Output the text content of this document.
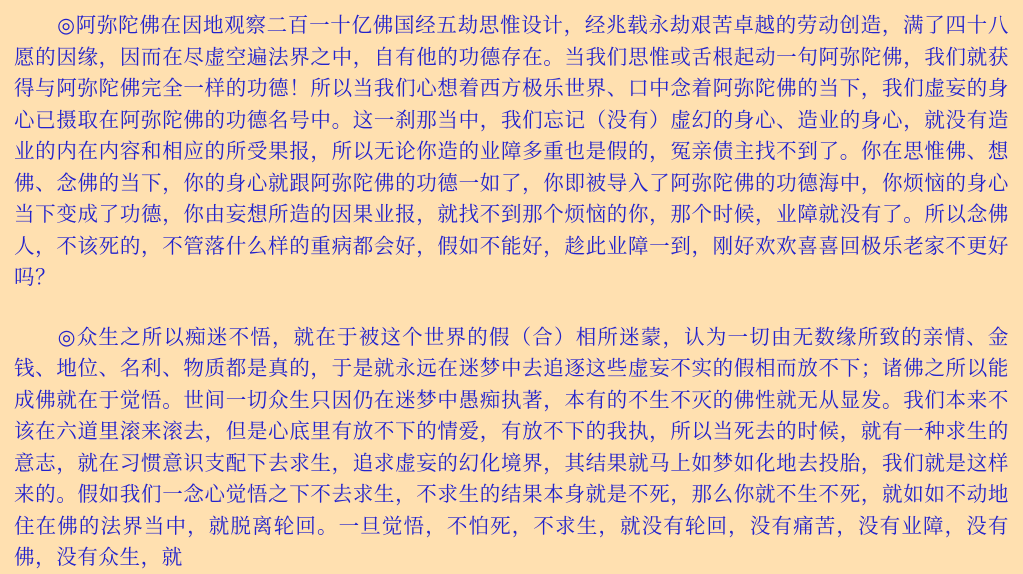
◎阿弥陀佛在因地观察二百一十亿佛国经五劫思惟设计，经兆载永劫艰苦卓越的劳动创造，满了四十八愿的因缘，因而在尽虚空遍法界之中，自有他的功德存在。当我们思惟或舌根起动一句阿弥陀佛，我们就获得与阿弥陀佛完全一样的功德！所以当我们心想着西方极乐世界、口中念着阿弥陀佛的当下，我们虚妄的身心已摄取在阿弥陀佛的功德名号中。这一刹那当中，我们忘记（没有）虚幻的身心、造业的身心，就没有造业的内在内容和相应的所受果报，所以无论你造的业障多重也是假的，冤亲债主找不到了。你在思惟佛、想佛、念佛的当下，你的身心就跟阿弥陀佛的功德一如了，你即被导入了阿弥陀佛的功德海中，你烦恼的身心当下变成了功德，你由妄想所造的因果业报，就找不到那个烦恼的你，那个时候，业障就没有了。所以念佛人，不该死的，不管落什么样的重病都会好，假如不能好，趁此业障一到，刚好欢欢喜喜回极乐老家不更好吗？

◎众生之所以痴迷不悟，就在于被这个世界的假（合）相所迷蒙，认为一切由无数缘所致的亲情、金钱、地位、名利、物质都是真的，于是就永远在迷梦中去追逐这些虚妄不实的假相而放不下；诸佛之所以能成佛就在于觉悟。世间一切众生只因仍在迷梦中愚痴执著，本有的不生不灭的佛性就无从显发。我们本来不该在六道里滚来滚去，但是心底里有放不下的情爱，有放不下的我执，所以当死去的时候，就有一种求生的意志，就在习惯意识支配下去求生，追求虚妄的幻化境界，其结果就马上如梦如化地去投胎，我们就是这样来的。假如我们一念心觉悟之下不去求生，不求生的结果本身就是不死，那么你就不生不死，就如如不动地住在佛的法界当中，就脱离轮回。一旦觉悟，不怕死，不求生，就没有轮回，没有痛苦，没有业障，没有佛，没有众生，就
